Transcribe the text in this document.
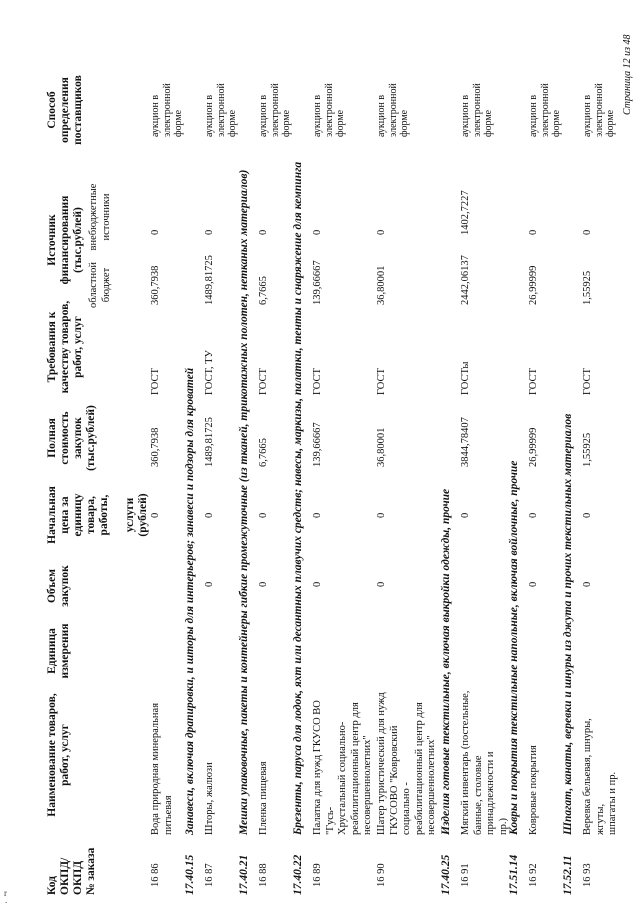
Код ОКПД/ ОКПД № заказа
Наименование товаров, работ, услуг
Единица измерения
Объем закупок
Начальная цена за единицу товара, работы,
услуги (рублей)
Полная стоимость закупок (тыс.рублей)
Требования к качеству товаров, работ, услуг
Источник финансирования (тыс.рублей)
областной бюджет
внебюджетные источники
Способ определения поставщиков
16 86
Вода природная минеральная питьевая
0
360,7938
ГОСТ
360,7938
0
аукцион в электронной форме
17.40.15
Занавеси, включая драпировки, и шторы для интерьеров; занавеси и подзоры для кроватей
16 87
Шторы, жалюзи
0
0
1489,81725
ГОСТ, ТУ
1489,81725
0
аукцион в электронной форме
17.40.21
Мешки упаковочные, пакеты и контейнеры гибкие промежуточные (из тканей, трикотажных полотен, нетканых материалов)
16 88
Пленка пищевая
0
0
6,7665
ГОСТ
6,7665
0
аукцион в электронной форме
17.40.22
Брезенты, паруса для лодок, яхт или десантных плавучих средств; навесы, маркизы, палатки, тенты и снаряжение для кемпинга
16 89
Палатка для нужд ГКУСО ВО "Гусь- Хрустальный социально- реабилитационный центр для несовершеннолетних"
0
0
139,66667
ГОСТ
139,66667
0
аукцион в электронной форме
16 90
Шатер туристический для нужд ГКУСОВО "Ковровский социально - реабилитационный центр для несовершеннолетних"
0
0
36,80001
ГОСТ
36,80001
0
аукцион в электронной форме
17.40.25
Изделия готовые текстильные, включая выкройки одежды, прочие
16 91
Мягкий инвентарь (постельные, банные, столовые принадлежности и пр.)
0
3844,78407
ГОСТы
2442,06137
1402,7227
аукцион в электронной форме
17.51.14
Ковры и покрытия текстильные напольные, включая войлочные, прочие
16 92
Ковровые покрытия
0
0
26,99999
ГОСТ
26,99999
0
аукцион в электронной форме
17.52.11
Шпагат, канаты, веревки и шнуры из джута и прочих текстильных материалов
16 93
Веревка бельевая, шнуры, жгуты, шпагаты и пр.
0
0
1,55925
ГОСТ
1,55925
0
аукцион в электронной форме
Страница 12 из 48
r
.
